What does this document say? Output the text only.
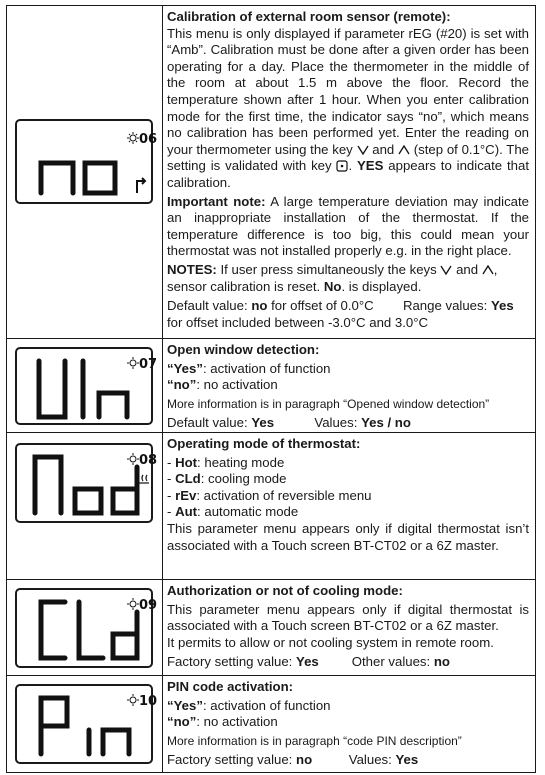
06

Calibration of external room sensor (remote):

This menu is only displayed if parameter rEG (#20) is set with “Amb”. Calibration must be done after a given order has been operating for a day. Place the thermometer in the middle of the room at about 1.5 m above the floor. Record the temperature shown after 1 hour. When you enter calibration mode for the first time, the indicator says “no”, which means no calibration has been performed yet. Enter the reading on your thermometer using the key and (step of 0.1°C). The setting is validated with key . YES appears to indicate that calibration.

Important note: A large temperature deviation may indicate an inappropriate installation of the thermostat. If the temperature difference is too big, this could mean your thermostat was not installed properly e.g. in the right place.

NOTES: If user press simultaneously the keys and , sensor calibration is reset. No. is displayed.

Default value: no for offset of 0.0°C Range values: Yes for offset included between -3.0°C and 3.0°C

07

Open window detection:

“Yes”: activation of function

“no”: no activation

More information is in paragraph “Opened window detection”

Default value: Yes	Values: Yes / no

08

Operating mode of thermostat:

- Hot: heating mode

- CLd: cooling mode

- rEv: activation of reversible menu

- Aut: automatic mode

This parameter menu appears only if digital thermostat isn’t associated with a Touch screen BT-CT02 or a 6Z master.

09

Authorization or not of cooling mode:

This parameter menu appears only if digital thermostat is associated with a Touch screen BT-CT02 or a 6Z master.

It permits to allow or not cooling system in remote room.

Factory setting value: Yes Other values: no

10

PIN code activation:

“Yes”: activation of function

“no”: no activation

More information is in paragraph “code PIN description”

Factory setting value: no	Values: Yes
